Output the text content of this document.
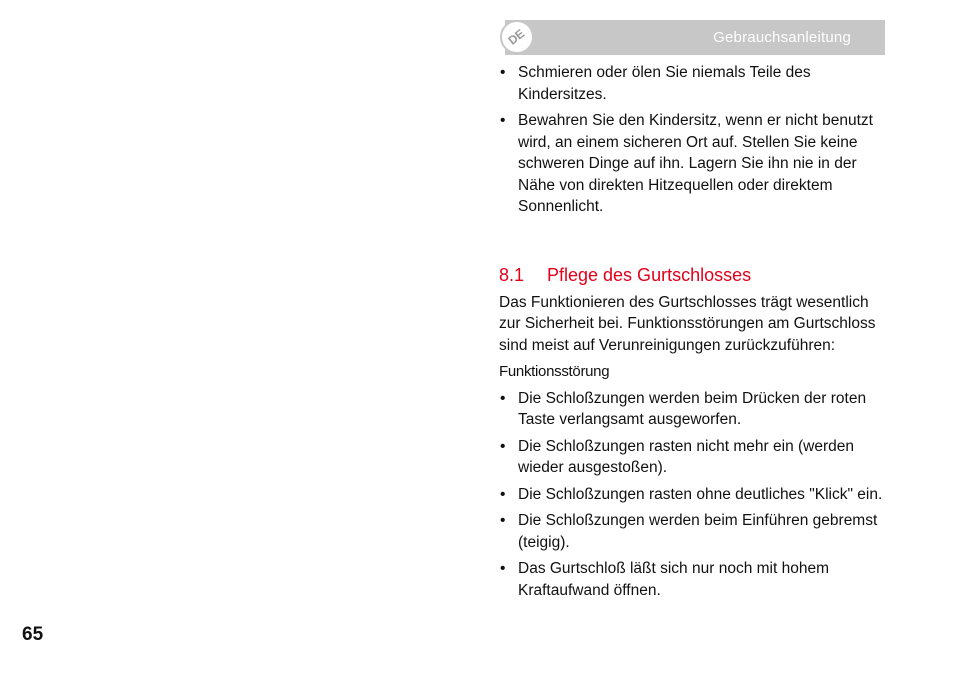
Gebrauchsanleitung
DE
• Schmieren oder ölen Sie niemals Teile des Kindersitzes.
• Bewahren Sie den Kindersitz, wenn er nicht benutzt wird, an einem sicheren Ort auf. Stellen Sie keine schweren Dinge auf ihn. Lagern Sie ihn nie in der Nähe von direkten Hitzequellen oder direktem Sonnenlicht.
8.1 Pflege des Gurtschlosses

Das Funktionieren des Gurtschlosses trägt wesentlich zur Sicherheit bei. Funktionsstörungen am Gurtschloss sind meist auf Verunreinigungen zurückzuführen:

Funktionsstörung
• Die Schloßzungen werden beim Drücken der roten Taste verlangsamt ausgeworfen.
• Die Schloßzungen rasten nicht mehr ein (werden wieder ausgestoßen).
• Die Schloßzungen rasten ohne deutliches "Klick" ein.
• Die Schloßzungen werden beim Einführen gebremst (teigig).
• Das Gurtschloß läßt sich nur noch mit hohem Kraftaufwand öffnen.
65
